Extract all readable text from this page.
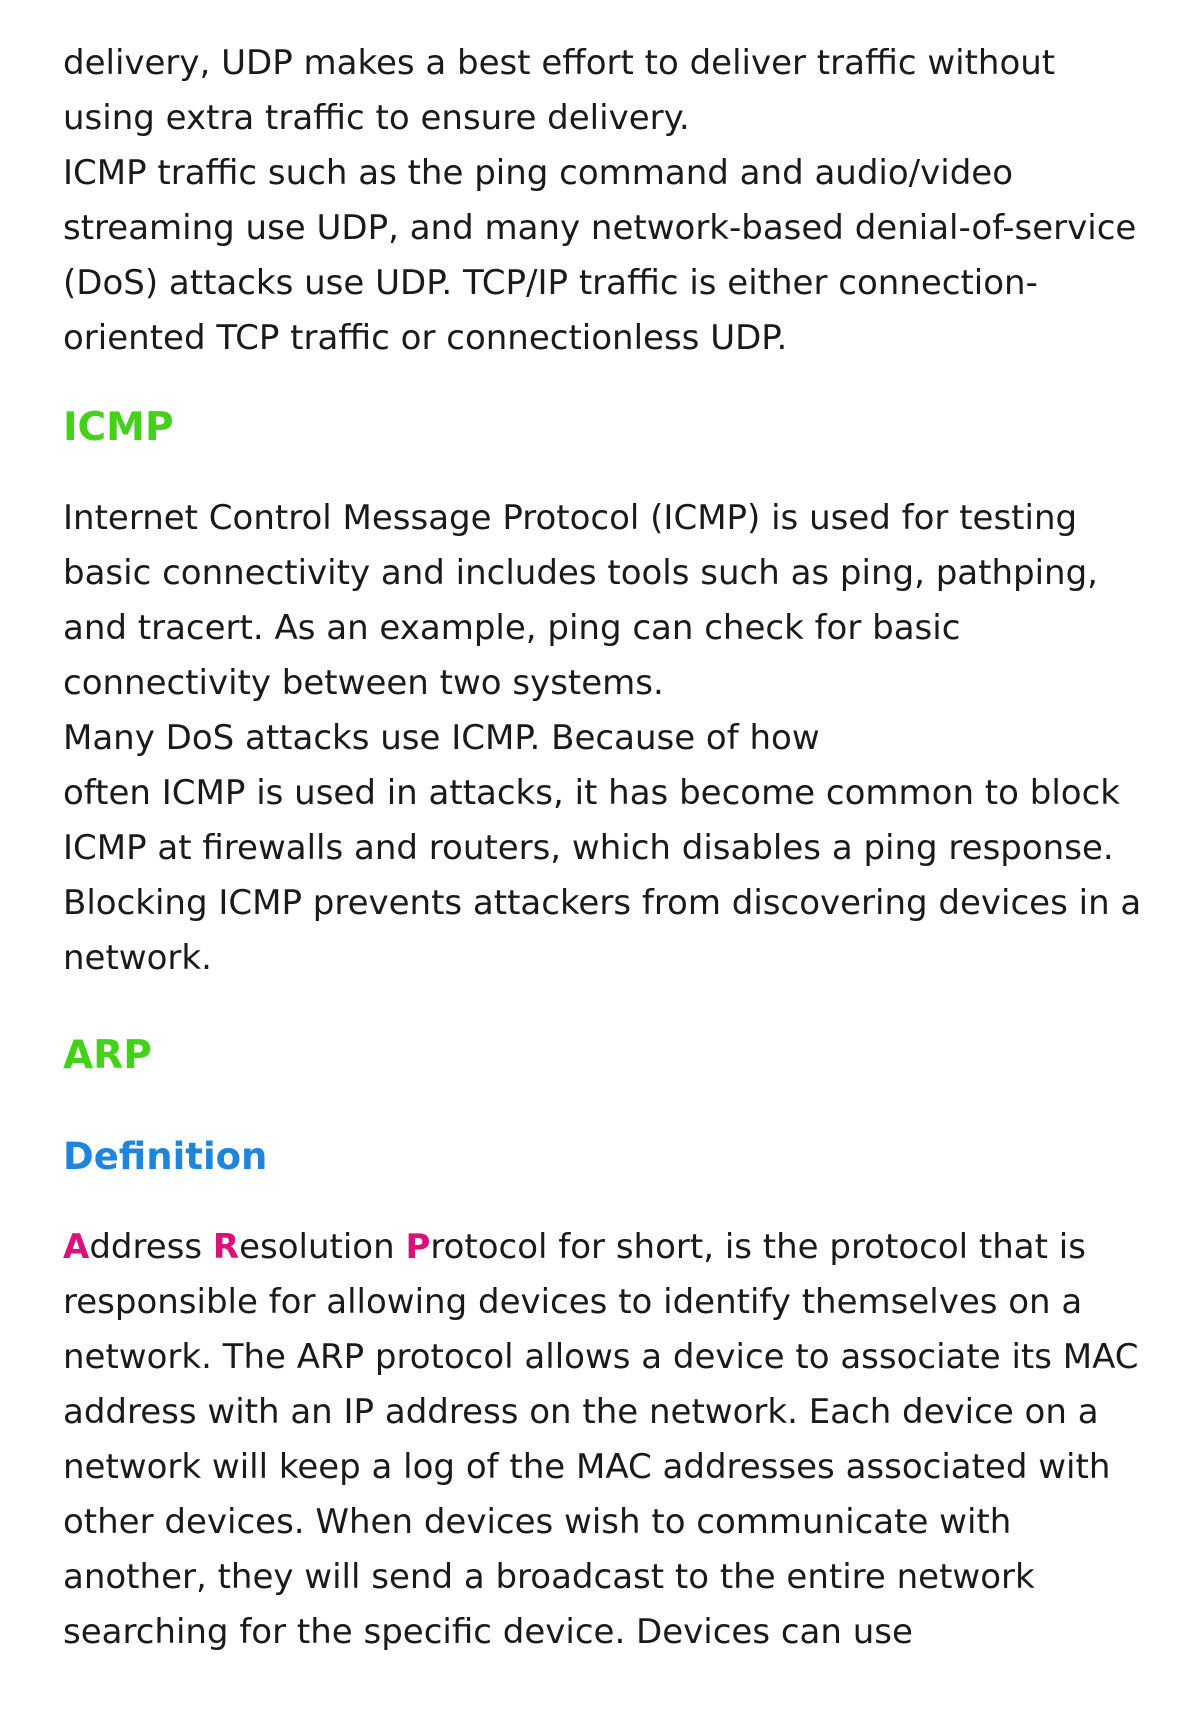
delivery, UDP makes a best effort to deliver traffic without

using extra traffic to ensure delivery.

ICMP traffic such as the ping command and audio/video

streaming use UDP, and many network-based denial-of-service

(DoS) attacks use UDP. TCP/IP traffic is either connection-

oriented TCP traffic or connectionless UDP.

ICMP

Internet Control Message Protocol (ICMP) is used for testing

basic connectivity and includes tools such as ping, pathping,

and tracert. As an example, ping can check for basic

connectivity between two systems.

Many DoS attacks use ICMP. Because of how

often ICMP is used in attacks, it has become common to block

ICMP at firewalls and routers, which disables a ping response.

Blocking ICMP prevents attackers from discovering devices in a

network.

ARP
Definition

Address Resolution Protocol for short, is the protocol that is

responsible for allowing devices to identify themselves on a

network. The ARP protocol allows a device to associate its MAC

address with an IP address on the network. Each device on a

network will keep a log of the MAC addresses associated with

other devices. When devices wish to communicate with

another, they will send a broadcast to the entire network

searching for the specific device. Devices can use
